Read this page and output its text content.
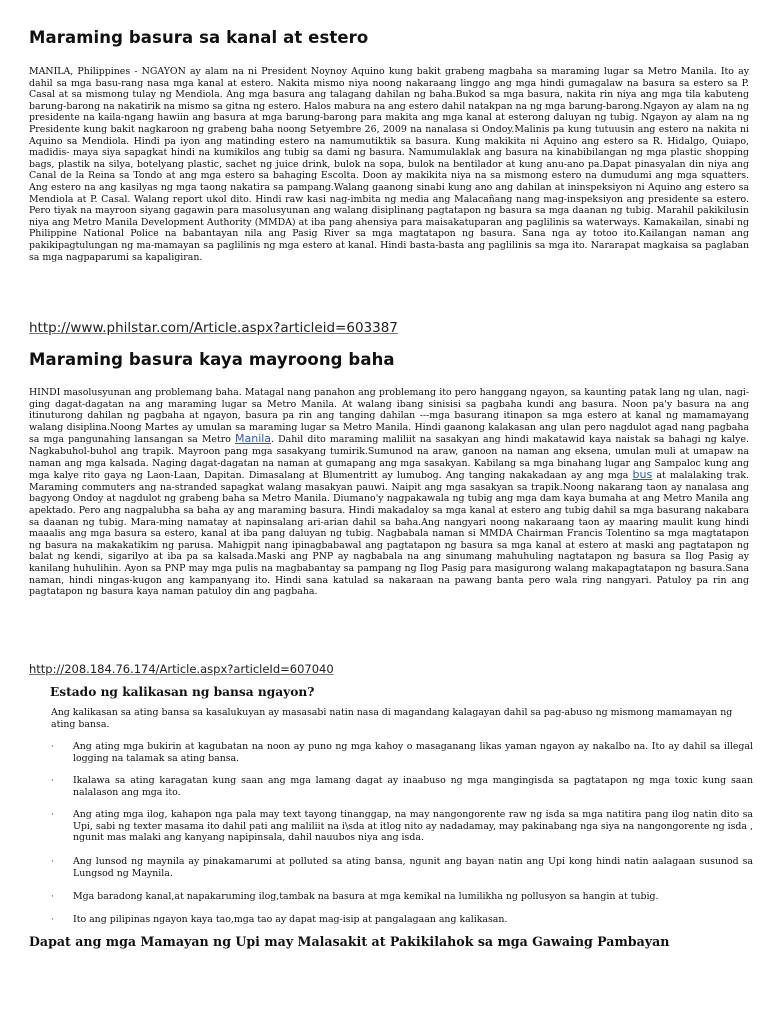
Maraming basura sa kanal at estero

MANILA, Philippines - NGAYON ay alam na ni President Noynoy Aquino kung bakit grabeng magbaha sa maraming lugar sa Metro Manila. Ito ay dahil sa mga basu-rang nasa mga kanal at estero. Nakita mismo niya noong nakaraang linggo ang mga hindi gumagalaw na basura sa estero sa P. Casal at sa mismong tulay ng Mendiola. Ang mga basura ang talagang dahilan ng baha.Bukod sa mga basura, nakita rin niya ang mga tila kabuteng barung-barong na nakatirik na mismo sa gitna ng estero. Halos mabura na ang estero dahil natakpan na ng mga barung-barong.Ngayon ay alam na ng presidente na kaila-ngang hawiin ang basura at mga barung-barong para makita ang mga kanal at esterong daluyan ng tubig. Ngayon ay alam na ng Presidente kung bakit nagkaroon ng grabeng baha noong Setyembre 26, 2009 na nanalasa si Ondoy.Malinis pa kung tutuusin ang estero na nakita ni Aquino sa Mendiola. Hindi pa iyon ang matinding estero na namumutiktik sa basura. Kung makikita ni Aquino ang estero sa R. Hidalgo, Quiapo, madidis- maya siya sapagkat hindi na kumikilos ang tubig sa dami ng basura. Namumulaklak ang basura na kinabibilangan ng mga plastic shopping bags, plastik na silya, botelyang plastic, sachet ng juice drink, bulok na sopa, bulok na bentilador at kung anu-ano pa.Dapat pinasyalan din niya ang Canal de la Reina sa Tondo at ang mga estero sa bahaging Escolta. Doon ay makikita niya na sa mismong estero na dumudumi ang mga squatters. Ang estero na ang kasilyas ng mga taong nakatira sa pampang.Walang gaanong sinabi kung ano ang dahilan at ininspeksiyon ni Aquino ang estero sa Mendiola at P. Casal. Walang report ukol dito. Hindi raw kasi nag-imbita ng media ang Malacañang nang mag-inspeksiyon ang presidente sa estero. Pero tiyak na mayroon siyang gagawin para masolusyunan ang walang disiplinang pagtatapon ng basura sa mga daanan ng tubig. Marahil pakikilusin niya ang Metro Manila Development Authority (MMDA) at iba pang ahensiya para maisakatuparan ang paglilinis sa waterways. Kamakailan, sinabi ng Philippine National Police na babantayan nila ang Pasig River sa mga magtatapon ng basura. Sana nga ay totoo ito.Kailangan naman ang pakikipagtulungan ng ma-mamayan sa paglilinis ng mga estero at kanal. Hindi basta-basta ang paglilinis sa mga ito. Nararapat magkaisa sa paglaban sa mga nagpaparumi sa kapaligiran.

http://www.philstar.com/Article.aspx?articleid=603387
Maraming basura kaya mayroong baha

HINDI masolusyunan ang problemang baha. Matagal nang panahon ang problemang ito pero hanggang ngayon, sa kaunting patak lang ng ulan, nagi-ging dagat-dagatan na ang maraming lugar sa Metro Manila. At walang ibang sinisisi sa pagbaha kundi ang basura. Noon pa'y basura na ang itinuturong dahilan ng pagbaha at ngayon, basura pa rin ang tanging dahilan ---mga basurang itinapon sa mga estero at kanal ng mamamayang walang disiplina.Noong Martes ay umulan sa maraming lugar sa Metro Manila. Hindi gaanong kalakasan ang ulan pero nagdulot agad nang pagbaha sa mga pangunahing lansangan sa Metro Manila. Dahil dito maraming maliliit na sasakyan ang hindi makatawid kaya naistak sa bahagi ng kalye. Nagkabuhol-buhol ang trapik. Mayroon pang mga sasakyang tumirik.Sumunod na araw, ganoon na naman ang eksena, umulan muli at umapaw na naman ang mga kalsada. Naging dagat-dagatan na naman at gumapang ang mga sasakyan. Kabilang sa mga binahang lugar ang Sampaloc kung ang mga kalye rito gaya ng Laon-Laan, Dapitan. Dimasalang at Blumentritt ay lumubog. Ang tanging nakakadaan ay ang mga bus at malalaking trak. Maraming commuters ang na-stranded sapagkat walang masakyan pauwi. Naipit ang mga sasakyan sa trapik.Noong nakarang taon ay nanalasa ang bagyong Ondoy at nagdulot ng grabeng baha sa Metro Manila. Diumano'y nagpakawala ng tubig ang mga dam kaya bumaha at ang Metro Manila ang apektado. Pero ang nagpalubha sa baha ay ang maraming basura. Hindi makadaloy sa mga kanal at estero ang tubig dahil sa mga basurang nakabara sa daanan ng tubig. Mara-ming namatay at napinsalang ari-arian dahil sa baha.Ang nangyari noong nakaraang taon ay maaring maulit kung hindi maaalis ang mga basura sa estero, kanal at iba pang daluyan ng tubig. Nagbabala naman si MMDA Chairman Francis Tolentino sa mga magtatapon ng basura na makakatikim ng parusa. Mahigpit nang ipinagbabawal ang pagtatapon ng basura sa mga kanal at estero at maski ang pagtatapon ng balat ng kendi, sigarilyo at iba pa sa kalsada.Maski ang PNP ay nagbabala na ang sinumang mahuhuling nagtatapon ng basura sa Ilog Pasig ay kanilang huhulihin. Ayon sa PNP may mga pulis na magbabantay sa pampang ng Ilog Pasig para masigurong walang makapagtatapon ng basura.Sana naman, hindi ningas-kugon ang kampanyang ito. Hindi sana katulad sa nakaraan na pawang banta pero wala ring nangyari. Patuloy pa rin ang pagtatapon ng basura kaya naman patuloy din ang pagbaha.

http://208.184.76.174/Article.aspx?articleId=607040
Estado ng kalikasan ng bansa ngayon?

Ang kalikasan sa ating bansa sa kasalukuyan ay masasabi natin nasa di magandang kalagayan dahil sa pag-abuso ng mismong mamamayan ng ating bansa.

·	Ang ating mga bukirin at kagubatan na noon ay puno ng mga kahoy o masaganang likas yaman ngayon ay nakalbo na. Ito ay dahil sa illegal logging na talamak sa ating bansa.
·	Ikalawa sa ating karagatan kung saan ang mga lamang dagat ay inaabuso ng mga mangingisda sa pagtatapon ng mga toxic kung saan nalalason ang mga ito.
·	Ang ating mga ilog, kahapon nga pala may text tayong tinanggap, na may nangongorente raw ng isda sa mga natitira pang ilog natin dito sa Upi, sabi ng texter masama ito dahil pati ang maliliit na i\sda at itlog nito ay nadadamay, may pakinabang nga siya na nangongorente ng isda , ngunit mas malaki ang kanyang napipinsala, dahil nauubos niya ang isda.
·	Ang lunsod ng maynila ay pinakamarumi at polluted sa ating bansa, ngunit ang bayan natin ang Upi kong hindi natin aalagaan susunod sa Lungsod ng Maynila.
·	Mga baradong kanal,at napakaruming ilog,tambak na basura at mga kemikal na lumilikha ng pollusyon sa hangin at tubig.
·	Ito ang pilipinas ngayon kaya tao,mga tao ay dapat mag-isip at pangalagaan ang kalikasan.
Dapat ang mga Mamayan ng Upi may Malasakit at Pakikilahok sa mga Gawaing Pambayan
